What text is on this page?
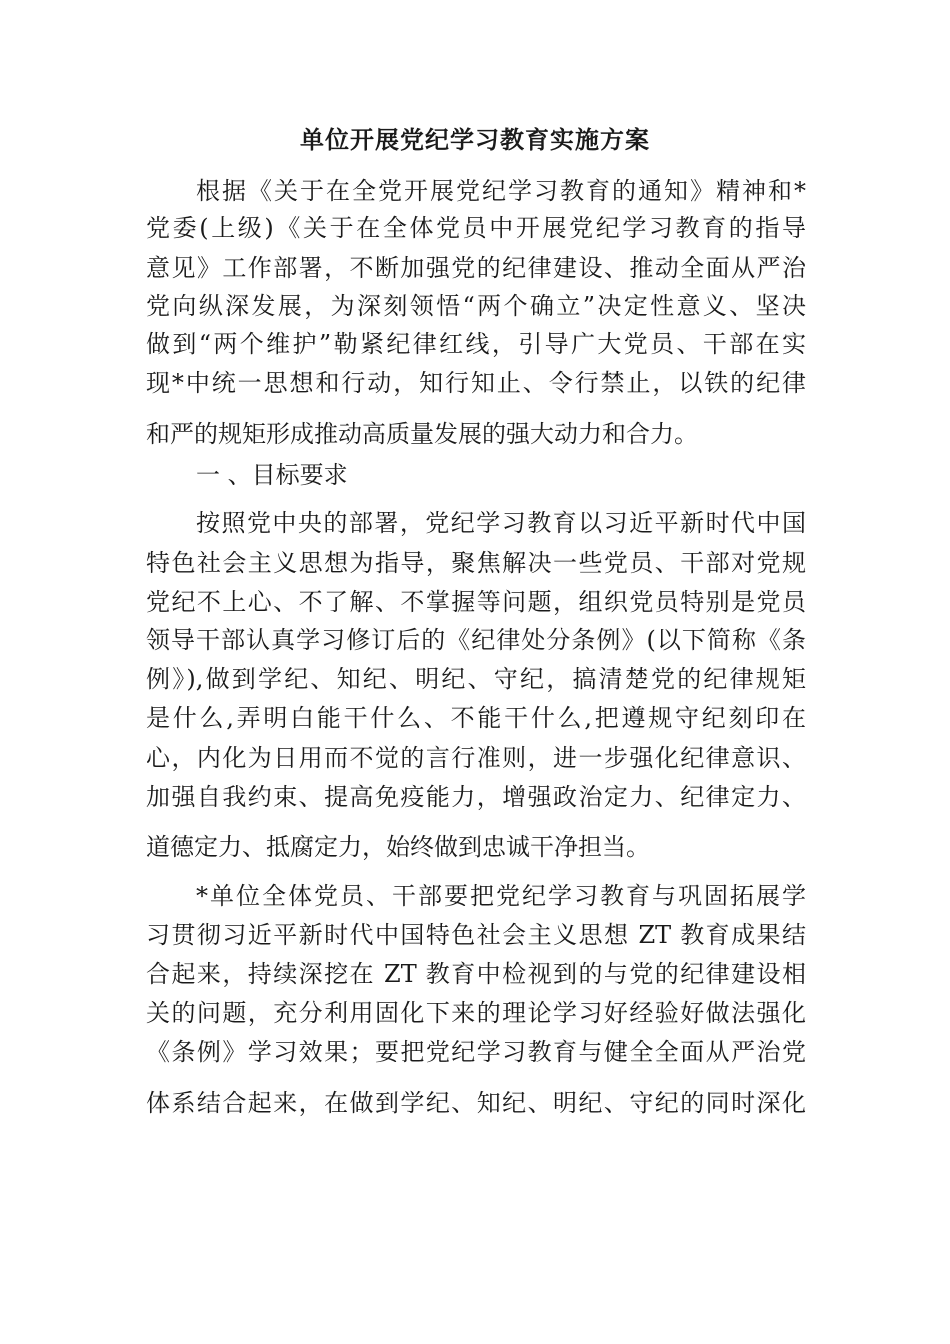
单位开展党纪学习教育实施方案
根据《关于在全党开展党纪学习教育的通知》精神和*
党委(上级)《关于在全体党员中开展党纪学习教育的指导
意见》工作部署，不断加强党的纪律建设、推动全面从严治
党向纵深发展，为深刻领悟“两个确立”决定性意义、坚决
做到“两个维护”勒紧纪律红线，引导广大党员、干部在实
现*中统一思想和行动，知行知止、令行禁止，以铁的纪律
和严的规矩形成推动高质量发展的强大动力和合力。
一 、目标要求
按照党中央的部署，党纪学习教育以习近平新时代中国
特色社会主义思想为指导，聚焦解决一些党员、干部对党规
党纪不上心、不了解、不掌握等问题，组织党员特别是党员
领导干部认真学习修订后的《纪律处分条例》(以下简称《条
例》),做到学纪、知纪、明纪、守纪，搞清楚党的纪律规矩
是什么,弄明白能干什么、不能干什么,把遵规守纪刻印在
心，内化为日用而不觉的言行准则，进一步强化纪律意识、
加强自我约束、提高免疫能力，增强政治定力、纪律定力、
道德定力、抵腐定力，始终做到忠诚干净担当。
*单位全体党员、干部要把党纪学习教育与巩固拓展学
习贯彻习近平新时代中国特色社会主义思想 ZT 教育成果结
合起来，持续深挖在 ZT 教育中检视到的与党的纪律建设相
关的问题，充分利用固化下来的理论学习好经验好做法强化
《条例》学习效果；要把党纪学习教育与健全全面从严治党
体系结合起来，在做到学纪、知纪、明纪、守纪的同时深化
